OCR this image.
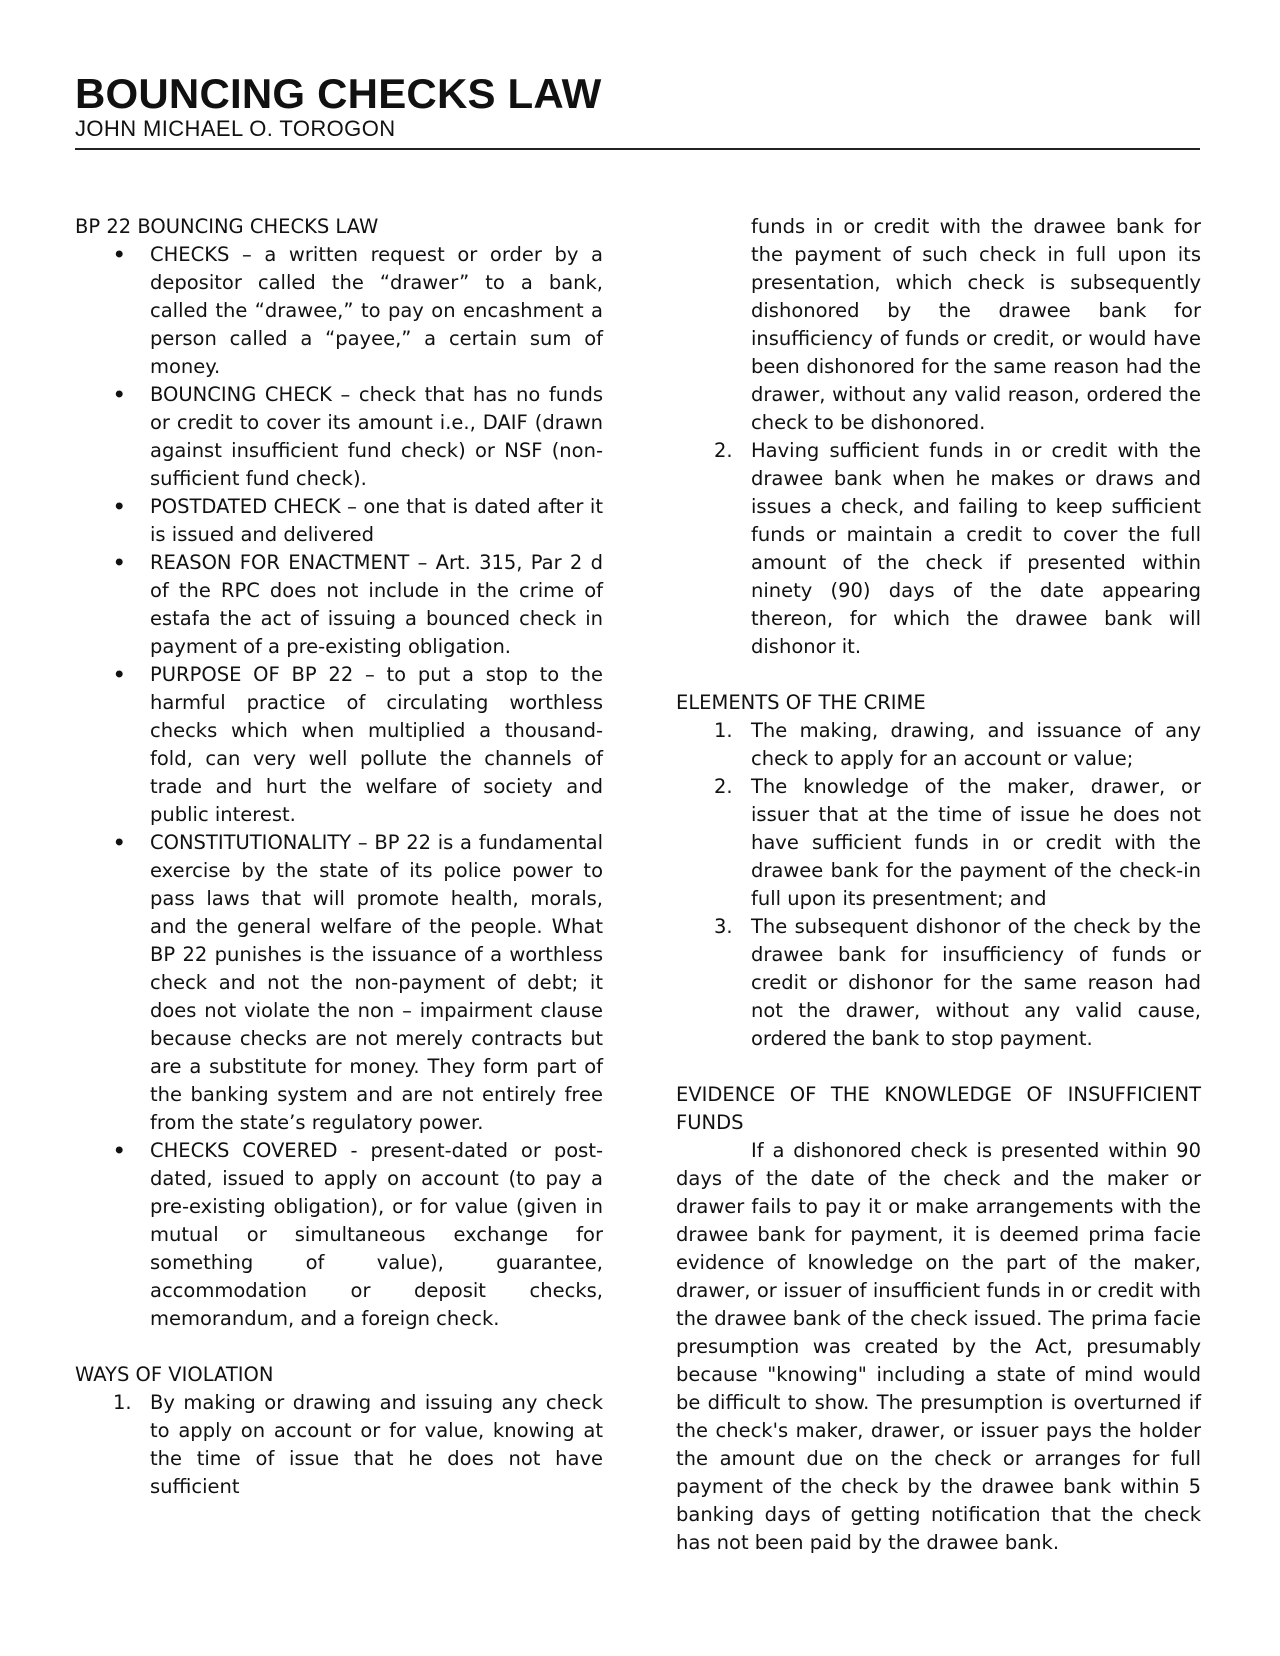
BOUNCING CHECKS LAW

JOHN MICHAEL O. TOROGON

BP 22 BOUNCING CHECKS LAW

• CHECKS – a written request or order by a depositor called the “drawer” to a bank, called the “drawee,” to pay on encashment a person called a “payee,” a certain sum of money.
• BOUNCING CHECK – check that has no funds or credit to cover its amount i.e., DAIF (drawn against insufficient fund check) or NSF (non-sufficient fund check).
• POSTDATED CHECK – one that is dated after it is issued and delivered
• REASON FOR ENACTMENT – Art. 315, Par 2 d of the RPC does not include in the crime of estafa the act of issuing a bounced check in payment of a pre-existing obligation.
• PURPOSE OF BP 22 – to put a stop to the harmful practice of circulating worthless checks which when multiplied a thousand-fold, can very well pollute the channels of trade and hurt the welfare of society and public interest.
• CONSTITUTIONALITY – BP 22 is a fundamental exercise by the state of its police power to pass laws that will promote health, morals, and the general welfare of the people. What BP 22 punishes is the issuance of a worthless check and not the non-payment of debt; it does not violate the non – impairment clause because checks are not merely contracts but are a substitute for money. They form part of the banking system and are not entirely free from the state’s regulatory power.
• CHECKS COVERED - present-dated or post-dated, issued to apply on account (to pay a pre-existing obligation), or for value (given in mutual or simultaneous exchange for something of value), guarantee, accommodation or deposit checks, memorandum, and a foreign check.

WAYS OF VIOLATION

1. By making or drawing and issuing any check to apply on account or for value, knowing at the time of issue that he does not have sufficient

funds in or credit with the drawee bank for the payment of such check in full upon its presentation, which check is subsequently dishonored by the drawee bank for insufficiency of funds or credit, or would have been dishonored for the same reason had the drawer, without any valid reason, ordered the check to be dishonored.

2. Having sufficient funds in or credit with the drawee bank when he makes or draws and issues a check, and failing to keep sufficient funds or maintain a credit to cover the full amount of the check if presented within ninety (90) days of the date appearing thereon, for which the drawee bank will dishonor it.

ELEMENTS OF THE CRIME

1. The making, drawing, and issuance of any check to apply for an account or value;
2. The knowledge of the maker, drawer, or issuer that at the time of issue he does not have sufficient funds in or credit with the drawee bank for the payment of the check-in full upon its presentment; and
3. The subsequent dishonor of the check by the drawee bank for insufficiency of funds or credit or dishonor for the same reason had not the drawer, without any valid cause, ordered the bank to stop payment.

EVIDENCE OF THE KNOWLEDGE OF INSUFFICIENT FUNDS

If a dishonored check is presented within 90 days of the date of the check and the maker or drawer fails to pay it or make arrangements with the drawee bank for payment, it is deemed prima facie evidence of knowledge on the part of the maker, drawer, or issuer of insufficient funds in or credit with the drawee bank of the check issued. The prima facie presumption was created by the Act, presumably because "knowing" including a state of mind would be difficult to show. The presumption is overturned if the check's maker, drawer, or issuer pays the holder the amount due on the check or arranges for full payment of the check by the drawee bank within 5 banking days of getting notification that the check has not been paid by the drawee bank.
